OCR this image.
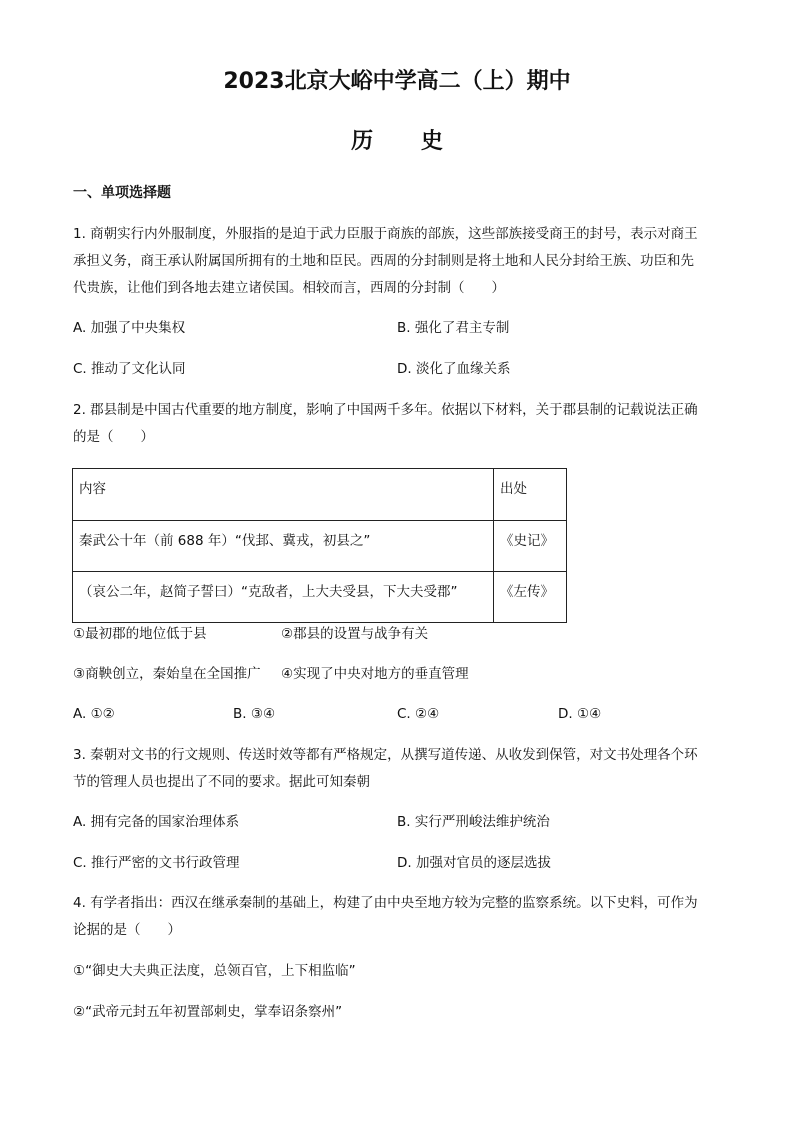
2023北京大峪中学高二（上）期中
历 史
一、单项选择题
1. 商朝实行内外服制度，外服指的是迫于武力臣服于商族的部族，这些部族接受商王的封号，表示对商王
承担义务，商王承认附属国所拥有的土地和臣民。西周的分封制则是将土地和人民分封给王族、功臣和先
代贵族，让他们到各地去建立诸侯国。相较而言，西周的分封制（　　）
A. 加强了中央集权	B. 强化了君主专制
C. 推动了文化认同	D. 淡化了血缘关系
2. 郡县制是中国古代重要的地方制度，影响了中国两千多年。依据以下材料，关于郡县制的记载说法正确
的是（　　）
内容	出处
秦武公十年（前 688 年）“伐邽、冀戎，初县之”	《史记》
（哀公二年，赵简子誓曰）“克敌者，上大夫受县，下大夫受郡”	《左传》
①最初郡的地位低于县	②郡县的设置与战争有关
③商鞅创立，秦始皇在全国推广 ④实现了中央对地方的垂直管理
A. ①②	B. ③④	C. ②④	D. ①④
3. 秦朝对文书的行文规则、传送时效等都有严格规定，从撰写道传递、从收发到保管，对文书处理各个环
节的管理人员也提出了不同的要求。据此可知秦朝
A. 拥有完备的国家治理体系	B. 实行严刑峻法维护统治
C. 推行严密的文书行政管理	D. 加强对官员的逐层选拔
4. 有学者指出：西汉在继承秦制的基础上，构建了由中央至地方较为完整的监察系统。以下史料，可作为
论据的是（　　）
①“御史大夫典正法度，总领百官，上下相监临”
②“武帝元封五年初置部刺史，掌奉诏条察州”
